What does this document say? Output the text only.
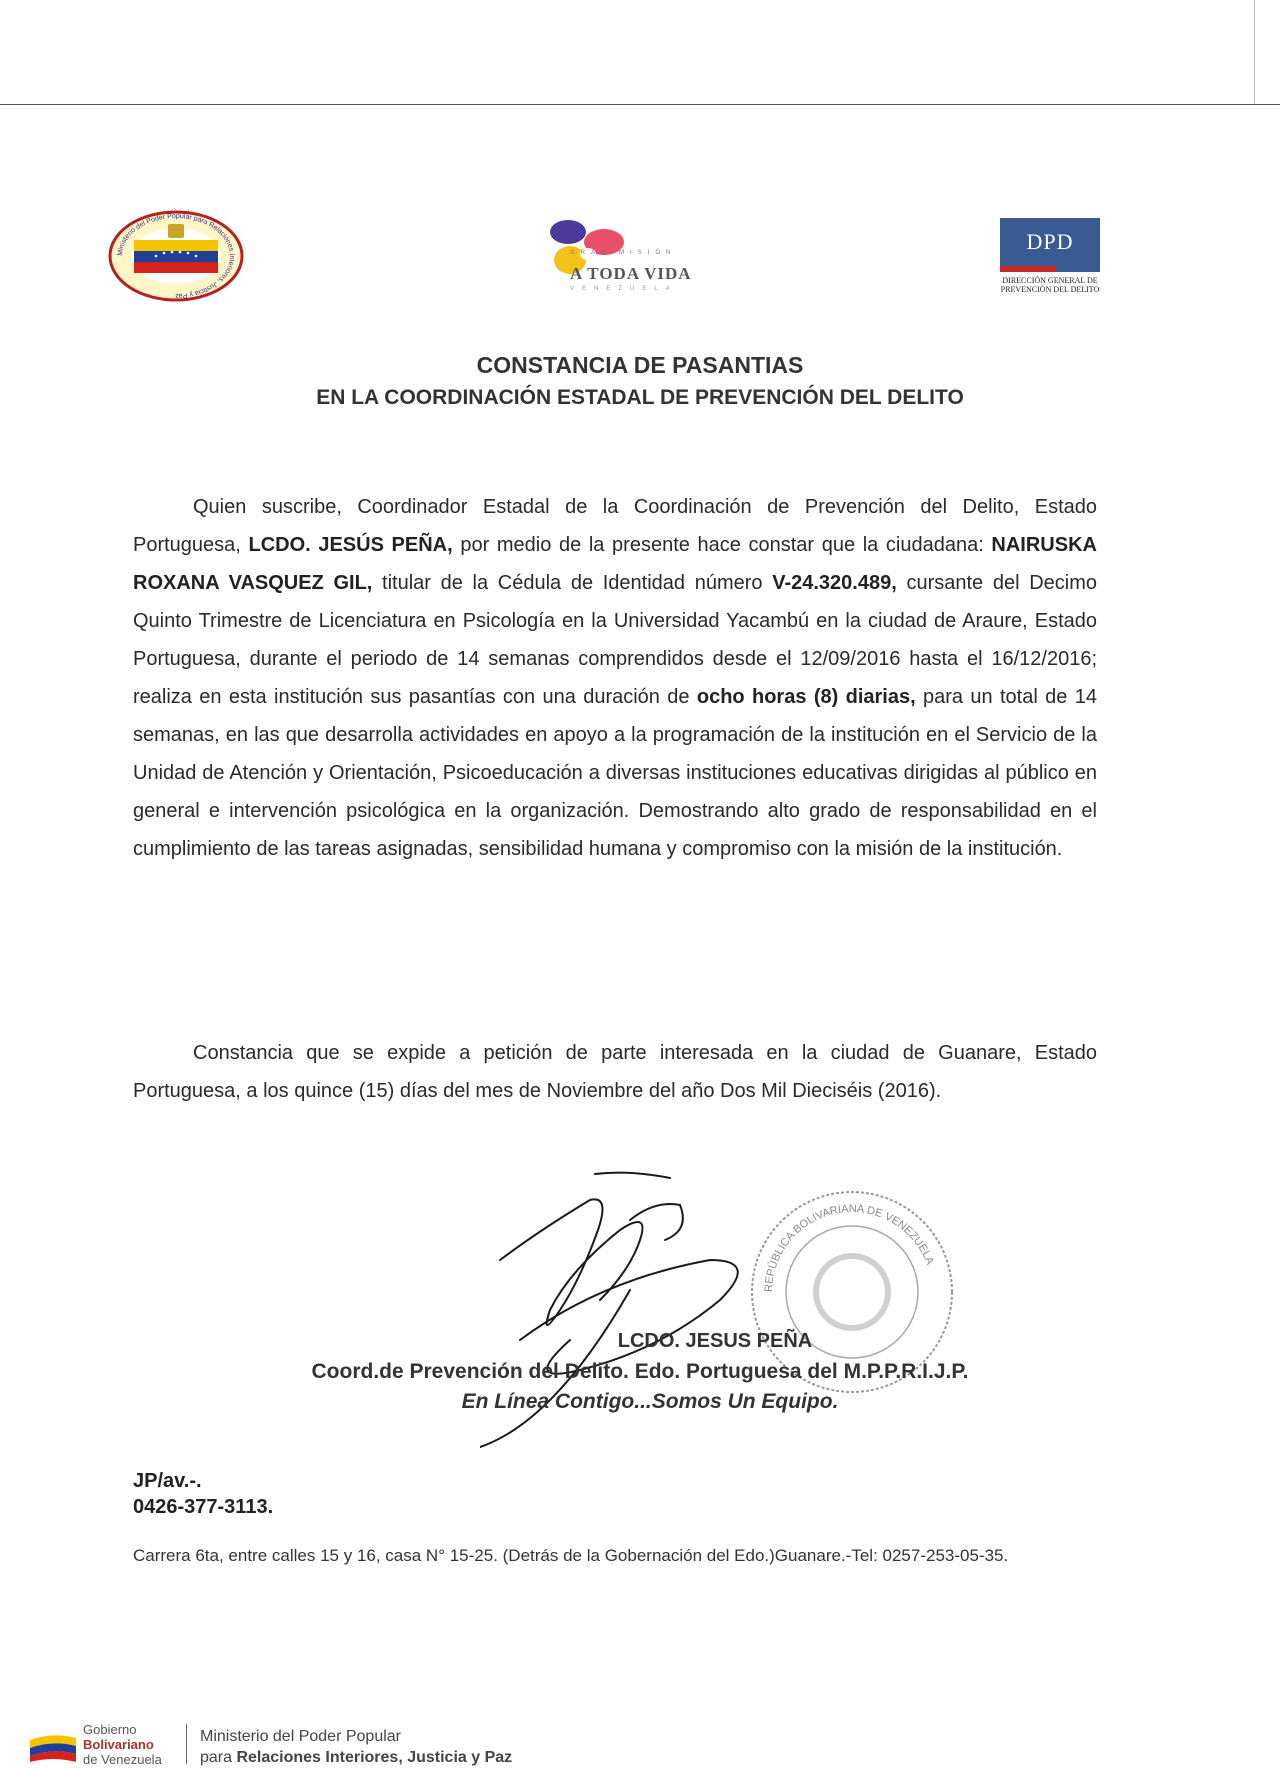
Ministerio del Poder Popular para Relaciones Interiores, Justicia y Paz
GRAN MISIÓN
A TODA VIDA
VENEZUELA
DPD
DIRECCIÓN GENERAL DE PREVENCIÓN DEL DELITO
CONSTANCIA DE PASANTIAS
EN LA COORDINACIÓN ESTADAL DE PREVENCIÓN DEL DELITO
Quien suscribe, Coordinador Estadal de la Coordinación de Prevención del Delito, Estado Portuguesa, LCDO. JESÚS PEÑA, por medio de la presente hace constar que la ciudadana: NAIRUSKA ROXANA VASQUEZ GIL, titular de la Cédula de Identidad número V-24.320.489, cursante del Decimo Quinto Trimestre de Licenciatura en Psicología en la Universidad Yacambú en la ciudad de Araure, Estado Portuguesa, durante el periodo de 14 semanas comprendidos desde el 12/09/2016 hasta el 16/12/2016; realiza en esta institución sus pasantías con una duración de ocho horas (8) diarias, para un total de 14 semanas, en las que desarrolla actividades en apoyo a la programación de la institución en el Servicio de la Unidad de Atención y Orientación, Psicoeducación a diversas instituciones educativas dirigidas al público en general e intervención psicológica en la organización. Demostrando alto grado de responsabilidad en el cumplimiento de las tareas asignadas, sensibilidad humana y compromiso con la misión de la institución.
Constancia que se expide a petición de parte interesada en la ciudad de Guanare, Estado Portuguesa, a los quince (15) días del mes de Noviembre del año Dos Mil Dieciséis (2016).
REPÚBLICA BOLIVARIANA DE VENEZUELA
LCDO. JESUS PEÑA
Coord.de Prevención del Delito. Edo. Portuguesa del M.P.P.R.I.J.P.
En Línea Contigo...Somos Un Equipo.
JP/av.-.
0426-377-3113.
Carrera 6ta, entre calles 15 y 16, casa N° 15-25. (Detrás de la Gobernación del Edo.)Guanare.-Tel: 0257-253-05-35.
Gobierno
Bolivariano
de Venezuela
Ministerio del Poder Popular
para Relaciones Interiores, Justicia y Paz
